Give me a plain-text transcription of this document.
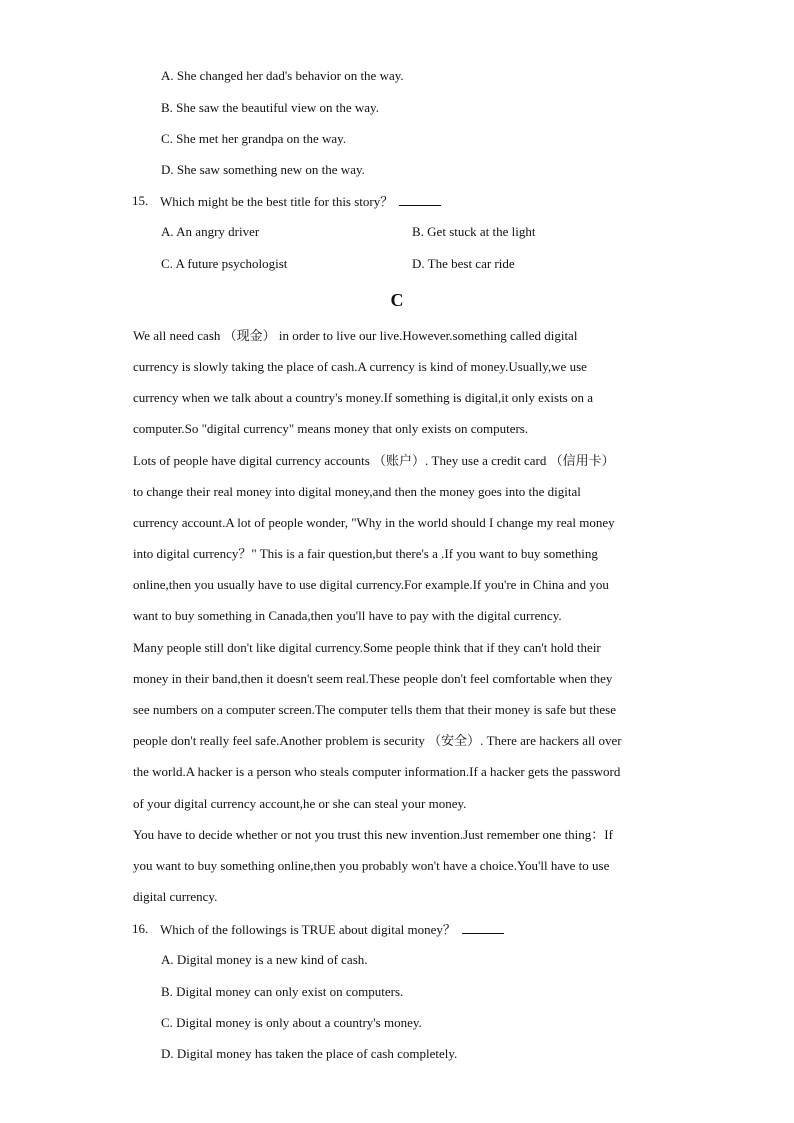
A. She changed her dad's behavior on the way.
B. She saw the beautiful view on the way.
C. She met her grandpa on the way.
D. She saw something new on the way.
15. Which might be the best title for this story？
A. An angry driver	B. Get stuck at the light
C. A future psychologist	D. The best car ride
C
We all need cash （现金） in order to live our live.However.something called digital
currency is slowly taking the place of cash.A currency is kind of money.Usually,we use
currency when we talk about a country's money.If something is digital,it only exists on a
computer.So "digital currency" means money that only exists on computers.
Lots of people have digital currency accounts （账户）. They use a credit card （信用卡）
to change their real money into digital money,and then the money goes into the digital
currency account.A lot of people wonder, "Why in the world should I change my real money
into digital currency？" This is a fair question,but there's a .If you want to buy something
online,then you usually have to use digital currency.For example.If you're in China and you
want to buy something in Canada,then you'll have to pay with the digital currency.
Many people still don't like digital currency.Some people think that if they can't hold their
money in their band,then it doesn't seem real.These people don't feel comfortable when they
see numbers on a computer screen.The computer tells them that their money is safe but these
people don't really feel safe.Another problem is security （安全）. There are hackers all over
the world.A hacker is a person who steals computer information.If a hacker gets the password
of your digital currency account,he or she can steal your money.
You have to decide whether or not you trust this new invention.Just remember one thing：If
you want to buy something online,then you probably won't have a choice.You'll have to use
digital currency.
16. Which of the followings is TRUE about digital money？
A. Digital money is a new kind of cash.
B. Digital money can only exist on computers.
C. Digital money is only about a country's money.
D. Digital money has taken the place of cash completely.
